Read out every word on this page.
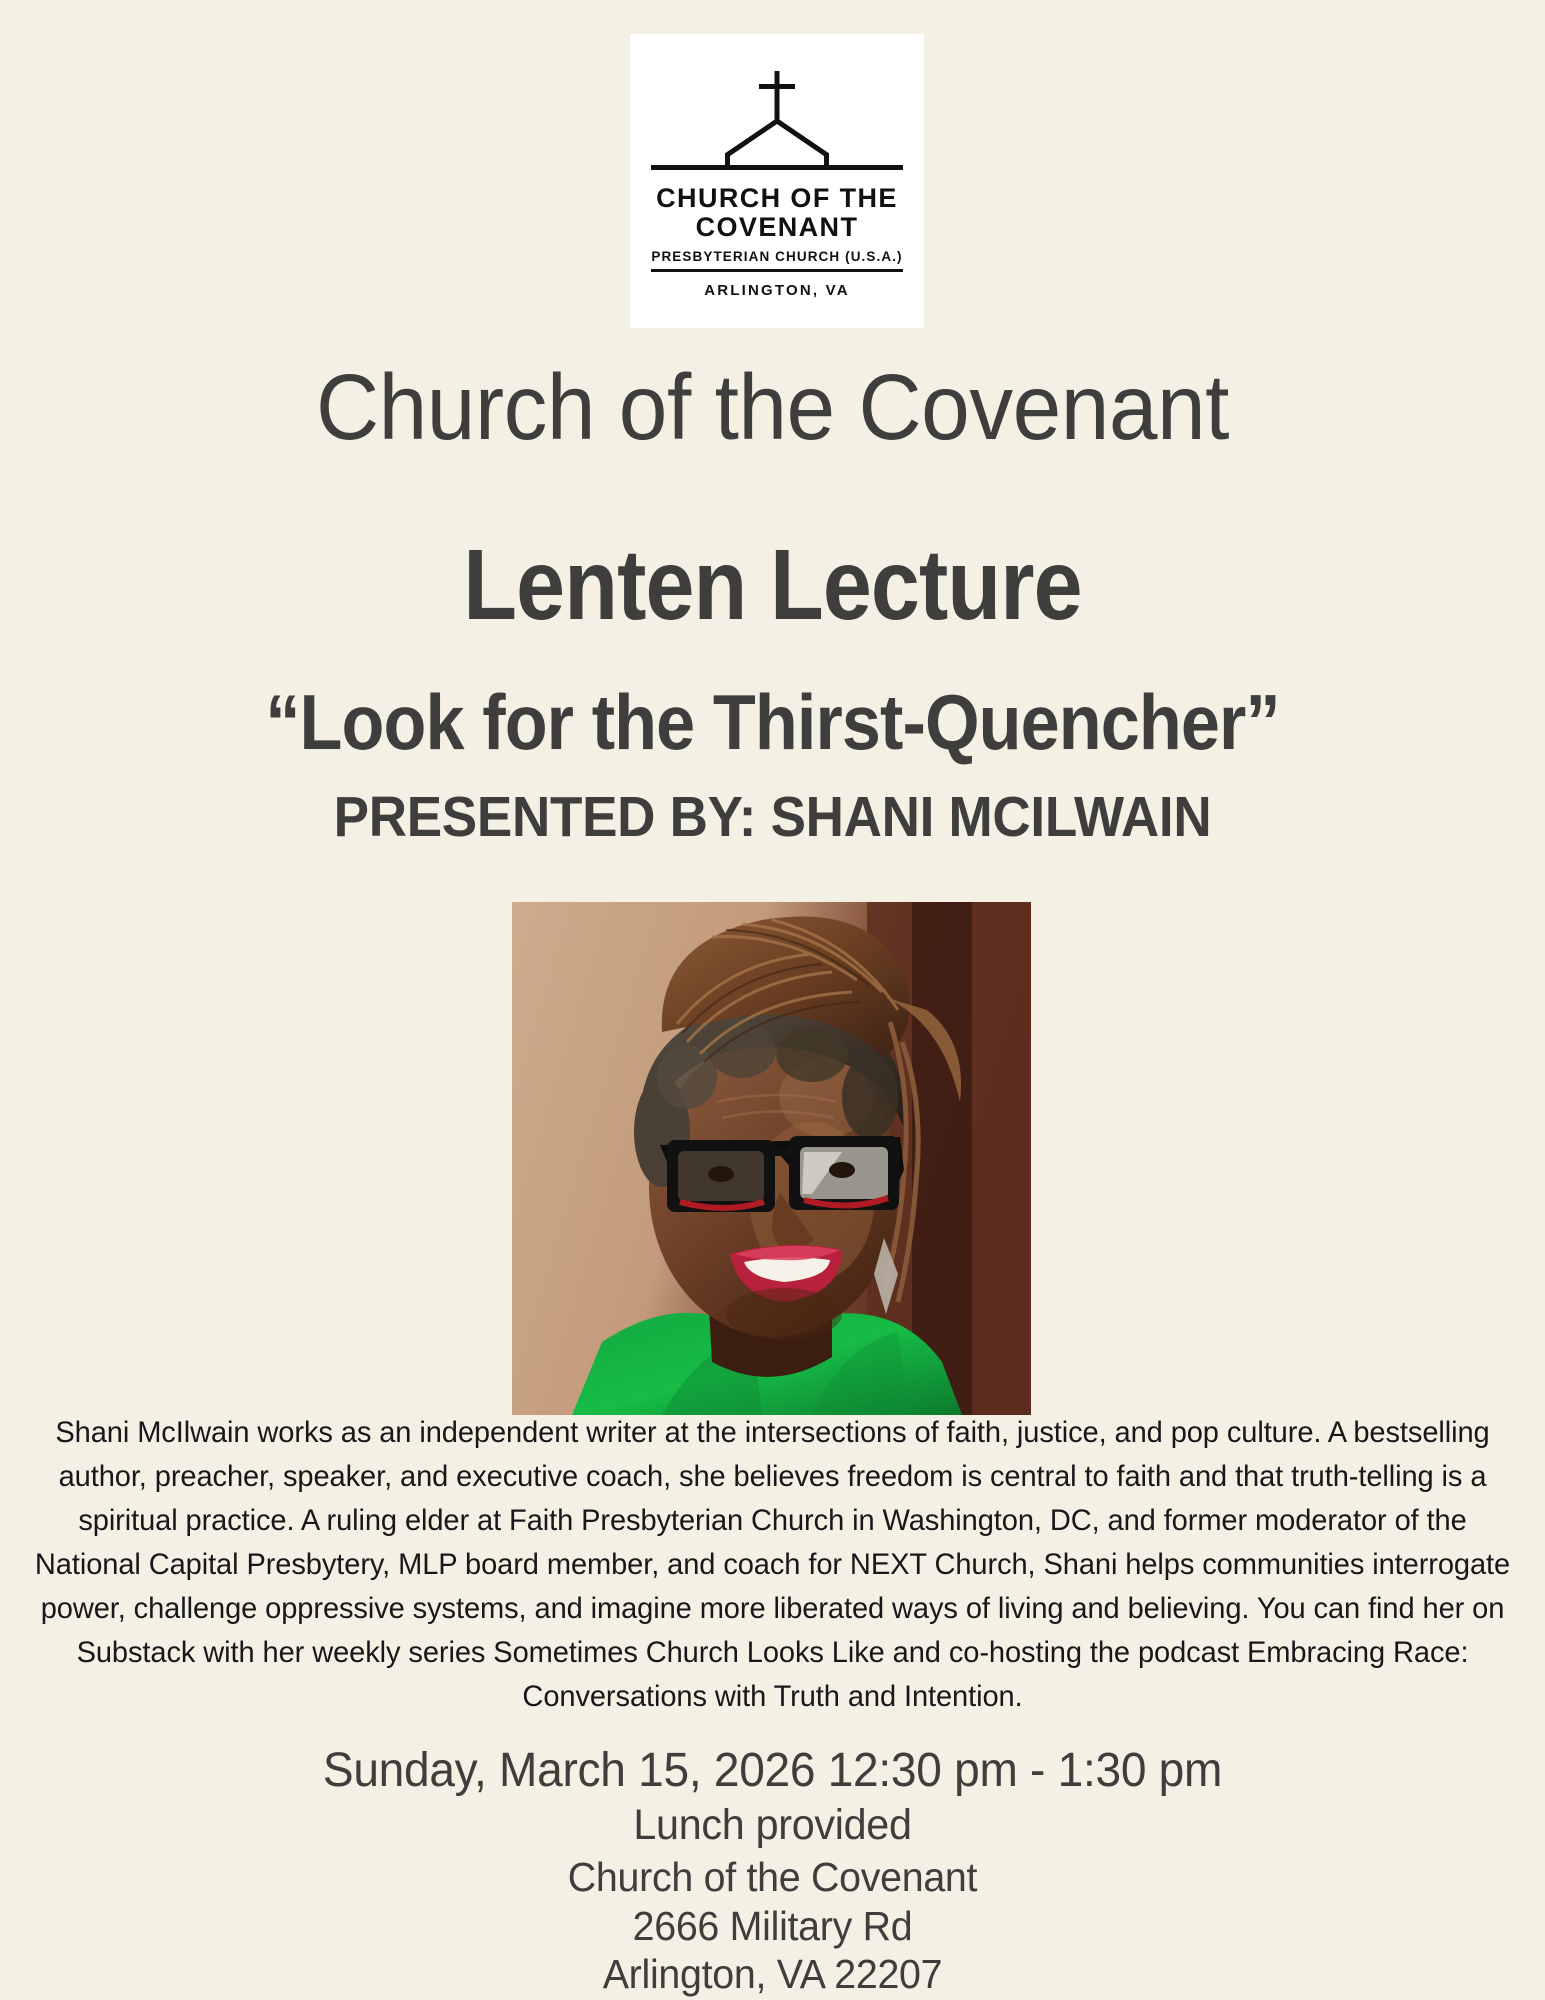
CHURCH OF THE
COVENANT
PRESBYTERIAN CHURCH (U.S.A.)
ARLINGTON, VA
Church of the Covenant
Lenten Lecture
“Look for the Thirst-Quencher”
PRESENTED BY: SHANI MCILWAIN
Shani McIlwain works as an independent writer at the intersections of faith, justice, and pop culture. A bestselling author, preacher, speaker, and executive coach, she believes freedom is central to faith and that truth-telling is a spiritual practice. A ruling elder at Faith Presbyterian Church in Washington, DC, and former moderator of the National Capital Presbytery, MLP board member, and coach for NEXT Church, Shani helps communities interrogate power, challenge oppressive systems, and imagine more liberated ways of living and believing. You can find her on Substack with her weekly series Sometimes Church Looks Like and co-hosting the podcast Embracing Race: Conversations with Truth and Intention.
Sunday, March 15, 2026 12:30 pm - 1:30 pm
Lunch provided
Church of the Covenant
2666 Military Rd
Arlington, VA 22207
